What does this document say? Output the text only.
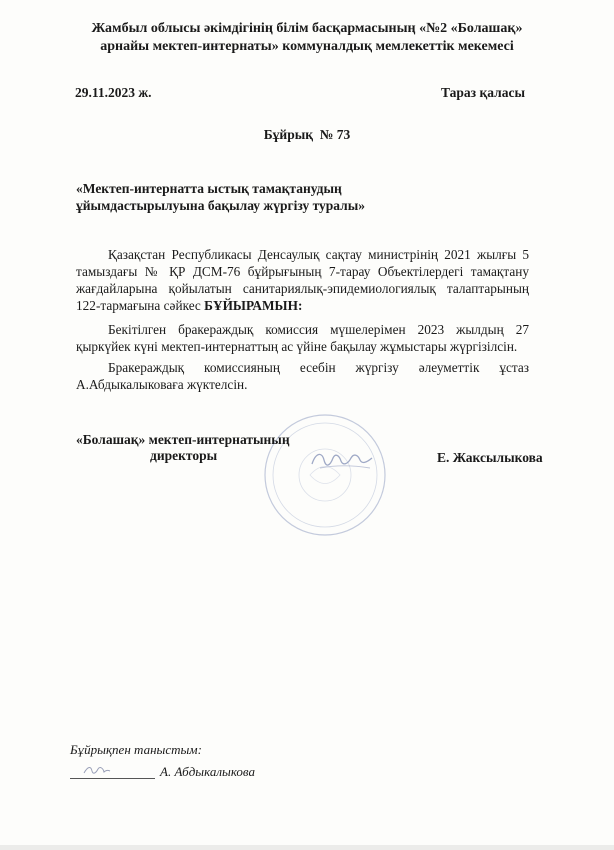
Жамбыл облысы әкімдігінің білім басқармасының «№2 «Болашақ»
арнайы мектеп-интернаты» коммуналдық мемлекеттік мекемесі
29.11.2023 ж.	Тараз қаласы
Бұйрық  № 73
«Мектеп-интернатта ыстық тамақтанудың
ұйымдастырылуына бақылау жүргізу туралы»
Қазақстан Республикасы Денсаулық сақтау министрінің 2021 жылғы 5 тамыздағы № ҚР ДСМ-76 бұйрығының 7-тарау Объектілердегі тамақтану жағдайларына қойылатын санитариялық-эпидемиологиялық талаптарының 122-тармағына сәйкес БҰЙЫРАМЫН:
Бекітілген бракераждық комиссия мүшелерімен 2023 жылдың 27 қыркүйек күні мектеп-интернаттың ас үйіне бақылау жұмыстары жүргізілсін.
Бракераждық комиссияның есебін жүргізу әлеуметтік ұстаз А.Абдыкалыковаға жүктелсін.
«Болашақ» мектеп-интернатының
директоры	Е. Жаксылыкова
Бұйрықпен таныстым:
А. Абдыкалыкова
